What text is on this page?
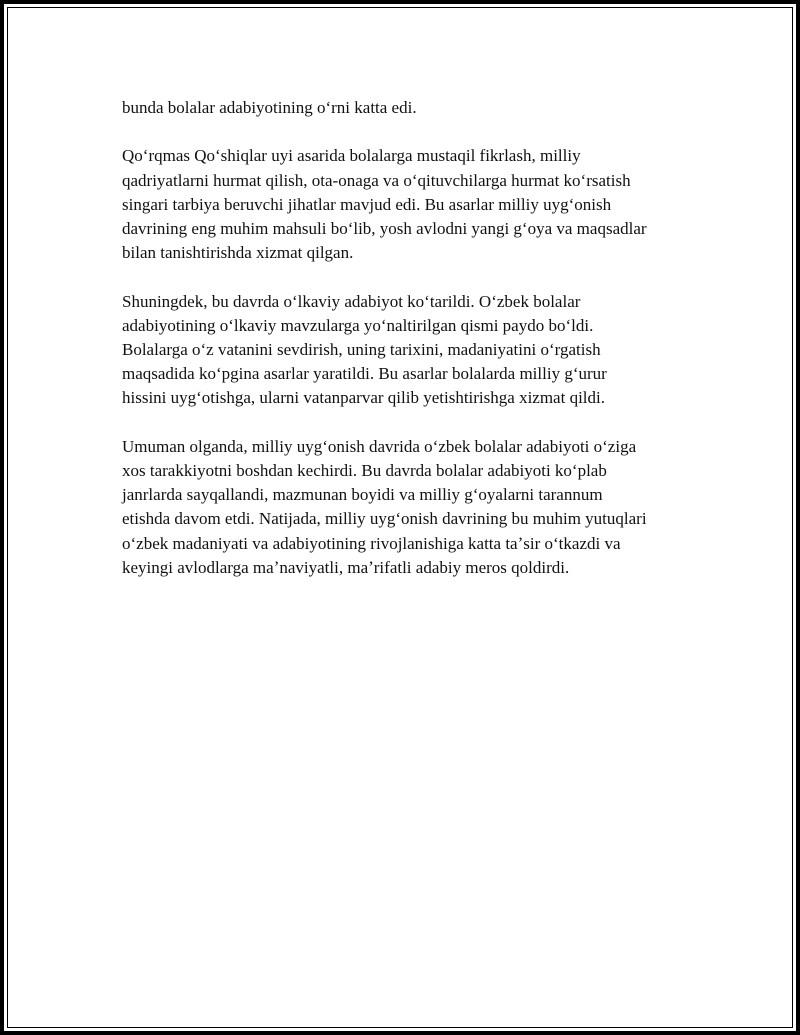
bunda bolalar adabiyotining oʻrni katta edi.

Qoʻrqmas Qoʻshiqlar uyi asarida bolalarga mustaqil fikrlash, milliy
qadriyatlarni hurmat qilish, ota-onaga va oʻqituvchilarga hurmat koʻrsatish
singari tarbiya beruvchi jihatlar mavjud edi. Bu asarlar milliy uygʻonish
davrining eng muhim mahsuli boʻlib, yosh avlodni yangi gʻoya va maqsadlar
bilan tanishtirishda xizmat qilgan.

Shuningdek, bu davrda oʻlkaviy adabiyot koʻtarildi. Oʻzbek bolalar
adabiyotining oʻlkaviy mavzularga yoʻnaltirilgan qismi paydo boʻldi.
Bolalarga oʻz vatanini sevdirish, uning tarixini, madaniyatini oʻrgatish
maqsadida koʻpgina asarlar yaratildi. Bu asarlar bolalarda milliy gʻurur
hissini uygʻotishga, ularni vatanparvar qilib yetishtirishga xizmat qildi.

Umuman olganda, milliy uygʻonish davrida oʻzbek bolalar adabiyoti oʻziga
xos tarakkiyotni boshdan kechirdi. Bu davrda bolalar adabiyoti koʻplab
janrlarda sayqallandi, mazmunan boyidi va milliy gʻoyalarni tarannum
etishda davom etdi. Natijada, milliy uygʻonish davrining bu muhim yutuqlari
oʻzbek madaniyati va adabiyotining rivojlanishiga katta taʼsir oʻtkazdi va
keyingi avlodlarga maʼnaviyatli, maʼrifatli adabiy meros qoldirdi.
